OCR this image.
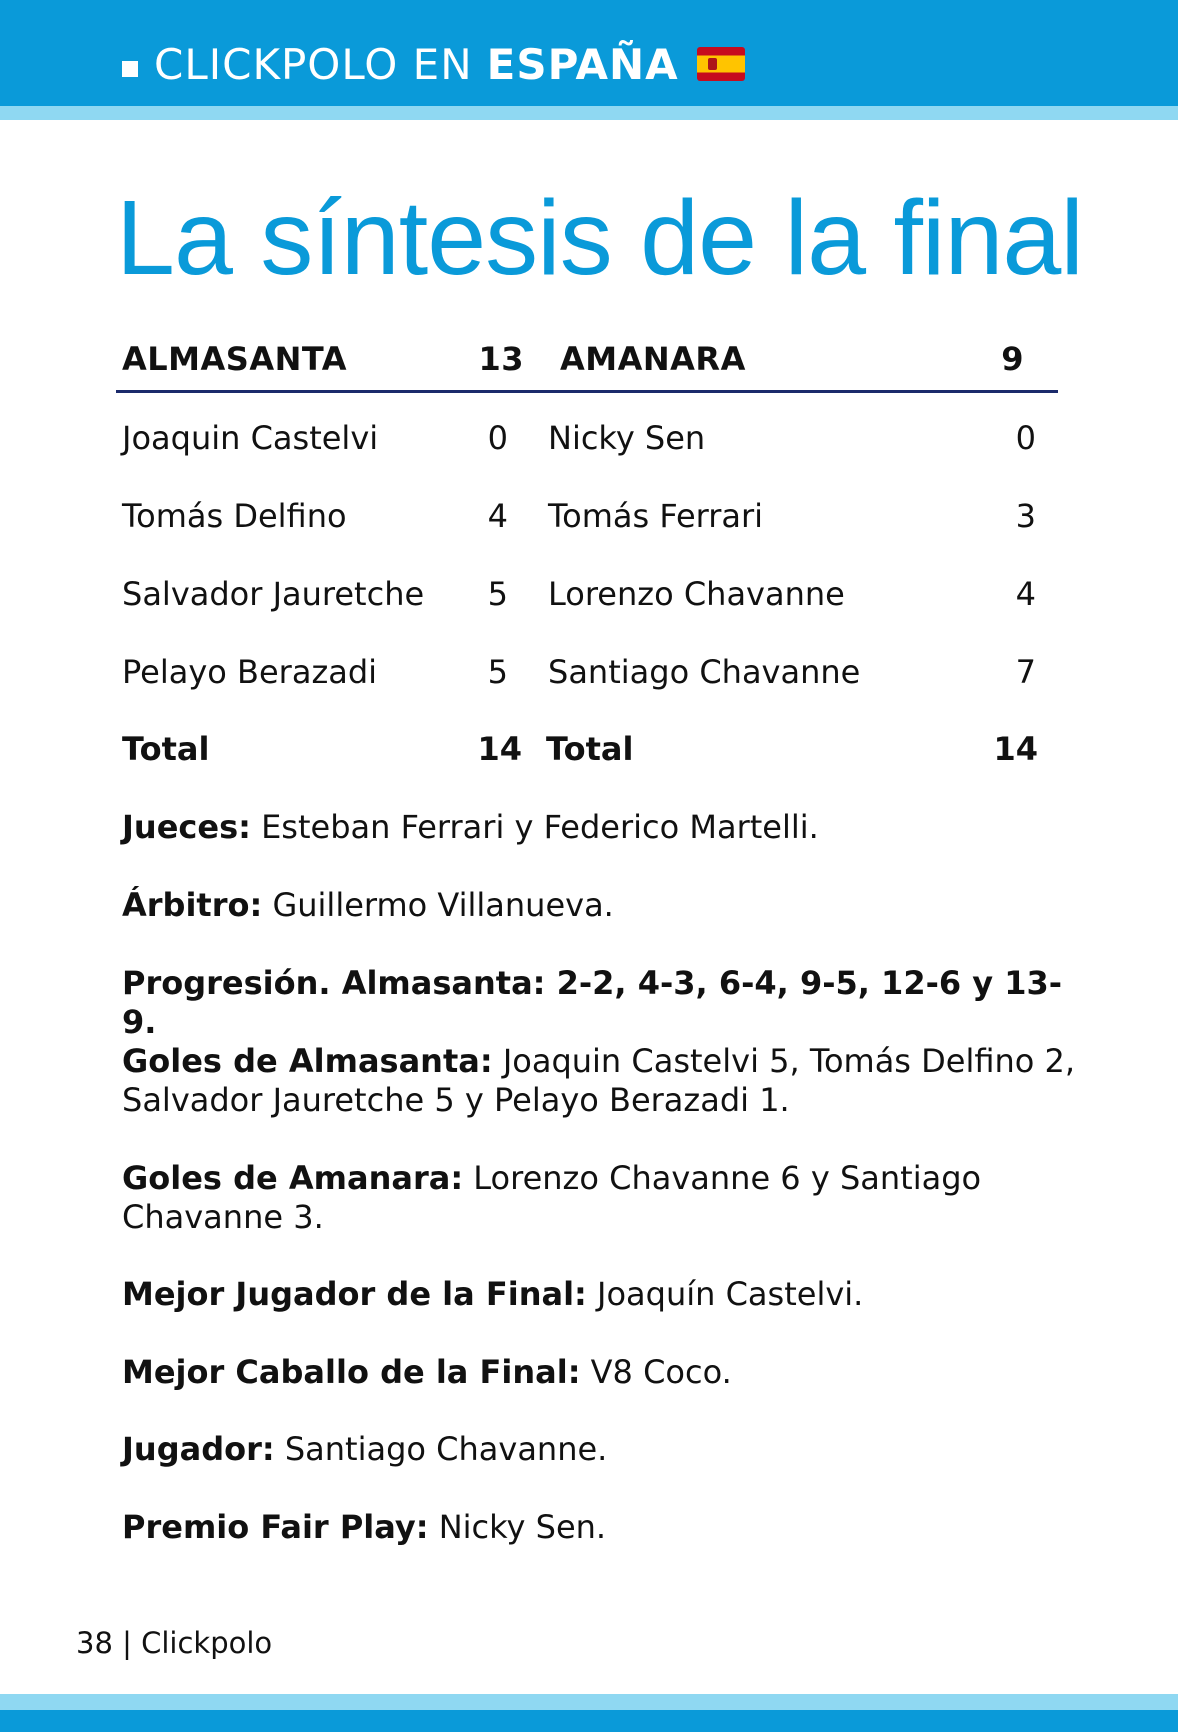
CLICKPOLO EN ESPAÑA
La síntesis de la final
ALMASANTA	13 AMANARA	9
Joaquin Castelvi	0 Nicky Sen	0
Tomás Delfino	4 Tomás Ferrari	3
Salvador Jauretche	5 Lorenzo Chavanne	4
Pelayo Berazadi	5 Santiago Chavanne	7
Total	14 Total	14

Jueces: Esteban Ferrari y Federico Martelli.

Árbitro: Guillermo Villanueva.

Progresión. Almasanta: 2-2, 4-3, 6-4, 9-5, 12-6 y 13-9.

Goles de Almasanta: Joaquin Castelvi 5, Tomás Delfino 2, Salvador Jauretche 5 y Pelayo Berazadi 1.

Goles de Amanara: Lorenzo Chavanne 6 y Santiago Chavanne 3.

Mejor Jugador de la Final: Joaquín Castelvi.

Mejor Caballo de la Final: V8 Coco.

Jugador: Santiago Chavanne.

Premio Fair Play: Nicky Sen.

38 | Clickpolo
